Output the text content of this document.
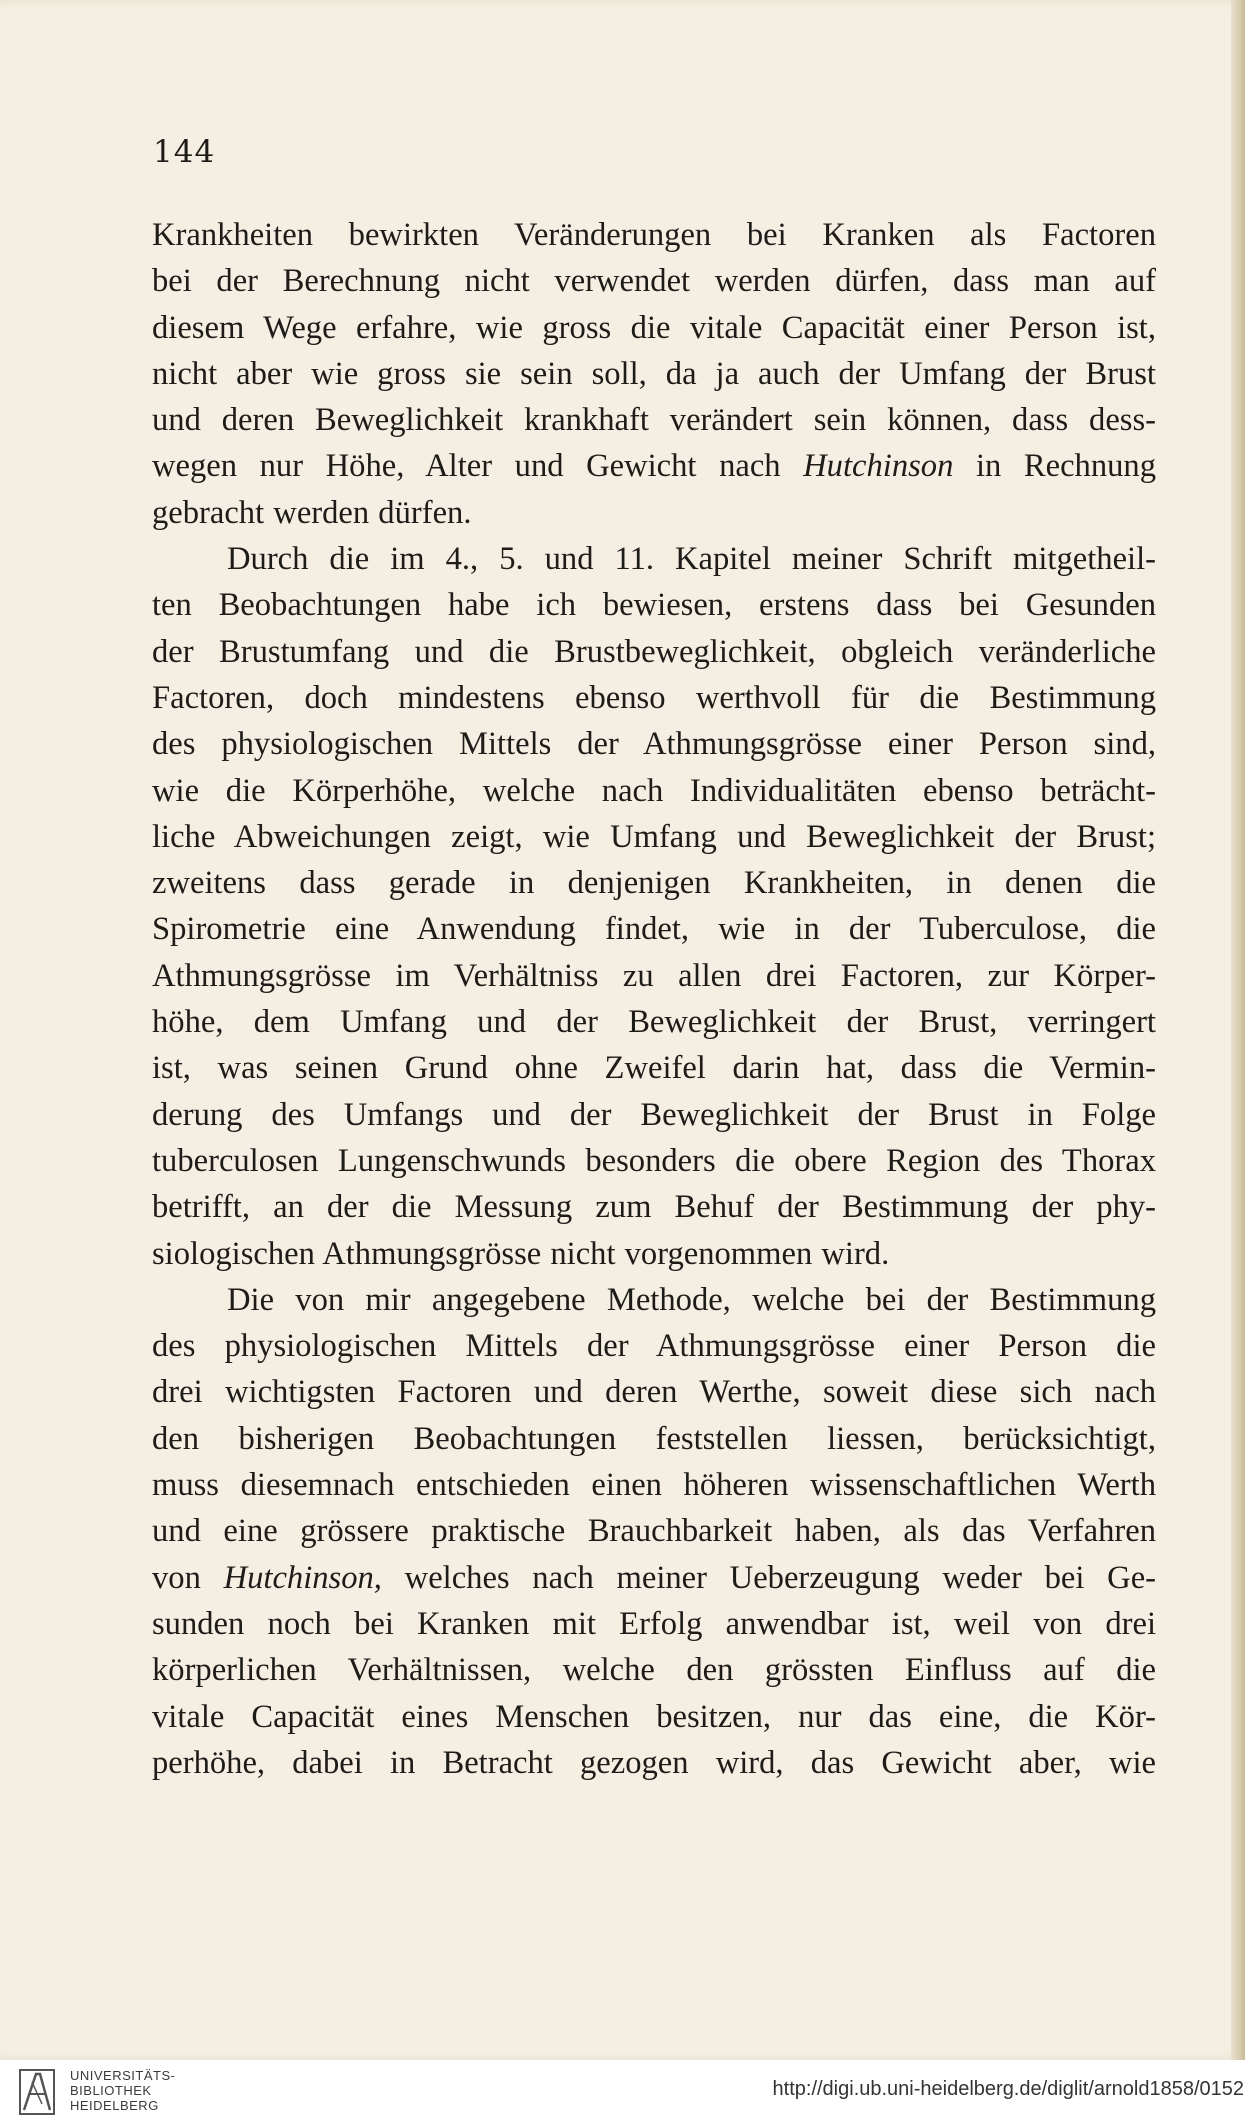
144
Krankheiten bewirkten Veränderungen bei Kranken als Factoren
bei der Berechnung nicht verwendet werden dürfen, dass man auf
diesem Wege erfahre, wie gross die vitale Capacität einer Person ist,
nicht aber wie gross sie sein soll, da ja auch der Umfang der Brust
und deren Beweglichkeit krankhaft verändert sein können, dass dess-
wegen nur Höhe, Alter und Gewicht nach Hutchinson in Rechnung
gebracht werden dürfen.
Durch die im 4., 5. und 11. Kapitel meiner Schrift mitgetheil-
ten Beobachtungen habe ich bewiesen, erstens dass bei Gesunden
der Brustumfang und die Brustbeweglichkeit, obgleich veränderliche
Factoren, doch mindestens ebenso werthvoll für die Bestimmung
des physiologischen Mittels der Athmungsgrösse einer Person sind,
wie die Körperhöhe, welche nach Individualitäten ebenso beträcht-
liche Abweichungen zeigt, wie Umfang und Beweglichkeit der Brust;
zweitens dass gerade in denjenigen Krankheiten, in denen die
Spirometrie eine Anwendung findet, wie in der Tuberculose, die
Athmungsgrösse im Verhältniss zu allen drei Factoren, zur Körper-
höhe, dem Umfang und der Beweglichkeit der Brust, verringert
ist, was seinen Grund ohne Zweifel darin hat, dass die Vermin-
derung des Umfangs und der Beweglichkeit der Brust in Folge
tuberculosen Lungenschwunds besonders die obere Region des Thorax
betrifft, an der die Messung zum Behuf der Bestimmung der phy-
siologischen Athmungsgrösse nicht vorgenommen wird.
Die von mir angegebene Methode, welche bei der Bestimmung
des physiologischen Mittels der Athmungsgrösse einer Person die
drei wichtigsten Factoren und deren Werthe, soweit diese sich nach
den bisherigen Beobachtungen feststellen liessen, berücksichtigt,
muss diesemnach entschieden einen höheren wissenschaftlichen Werth
und eine grössere praktische Brauchbarkeit haben, als das Verfahren
von Hutchinson, welches nach meiner Ueberzeugung weder bei Ge-
sunden noch bei Kranken mit Erfolg anwendbar ist, weil von drei
körperlichen Verhältnissen, welche den grössten Einfluss auf die
vitale Capacität eines Menschen besitzen, nur das eine, die Kör-
perhöhe, dabei in Betracht gezogen wird, das Gewicht aber, wie
UNIVERSITÄTS-
BIBLIOTHEK
HEIDELBERG
http://digi.ub.uni-heidelberg.de/diglit/arnold1858/0152
